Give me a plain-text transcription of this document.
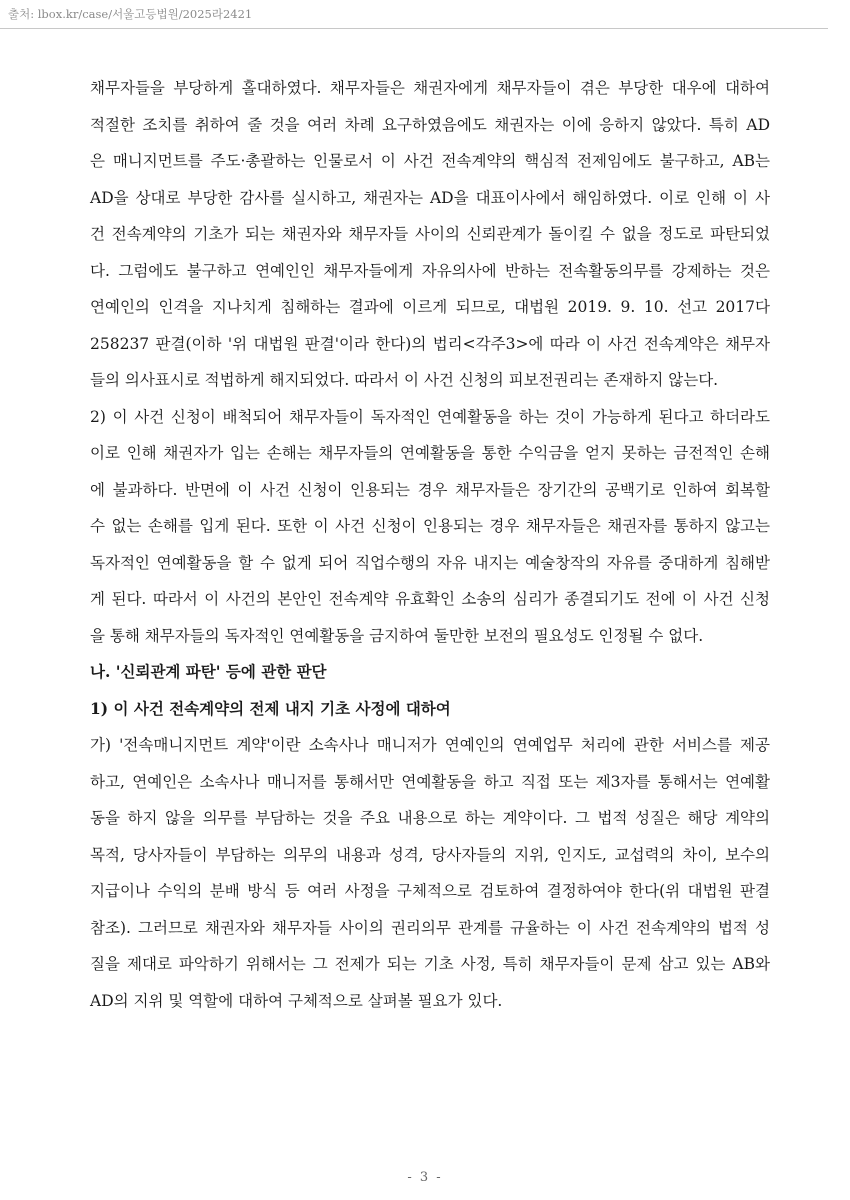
출처: lbox.kr/case/서울고등법원/2025라2421
채무자들을 부당하게 홀대하였다. 채무자들은 채권자에게 채무자들이 겪은 부당한 대우에 대하여
적절한 조치를 취하여 줄 것을 여러 차례 요구하였음에도 채권자는 이에 응하지 않았다. 특히 AD
은 매니지먼트를 주도·총괄하는 인물로서 이 사건 전속계약의 핵심적 전제임에도 불구하고, AB는
AD을 상대로 부당한 감사를 실시하고, 채권자는 AD을 대표이사에서 해임하였다. 이로 인해 이 사
건 전속계약의 기초가 되는 채권자와 채무자들 사이의 신뢰관계가 돌이킬 수 없을 정도로 파탄되었
다. 그럼에도 불구하고 연예인인 채무자들에게 자유의사에 반하는 전속활동의무를 강제하는 것은
연예인의 인격을 지나치게 침해하는 결과에 이르게 되므로, 대법원 2019. 9. 10. 선고 2017다
258237 판결(이하 '위 대법원 판결'이라 한다)의 법리<각주3>에 따라 이 사건 전속계약은 채무자
들의 의사표시로 적법하게 해지되었다. 따라서 이 사건 신청의 피보전권리는 존재하지 않는다.
2) 이 사건 신청이 배척되어 채무자들이 독자적인 연예활동을 하는 것이 가능하게 된다고 하더라도
이로 인해 채권자가 입는 손해는 채무자들의 연예활동을 통한 수익금을 얻지 못하는 금전적인 손해
에 불과하다. 반면에 이 사건 신청이 인용되는 경우 채무자들은 장기간의 공백기로 인하여 회복할
수 없는 손해를 입게 된다. 또한 이 사건 신청이 인용되는 경우 채무자들은 채권자를 통하지 않고는
독자적인 연예활동을 할 수 없게 되어 직업수행의 자유 내지는 예술창작의 자유를 중대하게 침해받
게 된다. 따라서 이 사건의 본안인 전속계약 유효확인 소송의 심리가 종결되기도 전에 이 사건 신청
을 통해 채무자들의 독자적인 연예활동을 금지하여 둘만한 보전의 필요성도 인정될 수 없다.
나. '신뢰관계 파탄' 등에 관한 판단
1) 이 사건 전속계약의 전제 내지 기초 사정에 대하여
가) '전속매니지먼트 계약'이란 소속사나 매니저가 연예인의 연예업무 처리에 관한 서비스를 제공
하고, 연예인은 소속사나 매니저를 통해서만 연예활동을 하고 직접 또는 제3자를 통해서는 연예활
동을 하지 않을 의무를 부담하는 것을 주요 내용으로 하는 계약이다. 그 법적 성질은 해당 계약의
목적, 당사자들이 부담하는 의무의 내용과 성격, 당사자들의 지위, 인지도, 교섭력의 차이, 보수의
지급이나 수익의 분배 방식 등 여러 사정을 구체적으로 검토하여 결정하여야 한다(위 대법원 판결
참조). 그러므로 채권자와 채무자들 사이의 권리의무 관계를 규율하는 이 사건 전속계약의 법적 성
질을 제대로 파악하기 위해서는 그 전제가 되는 기초 사정, 특히 채무자들이 문제 삼고 있는 AB와
AD의 지위 및 역할에 대하여 구체적으로 살펴볼 필요가 있다.
- 3 -
